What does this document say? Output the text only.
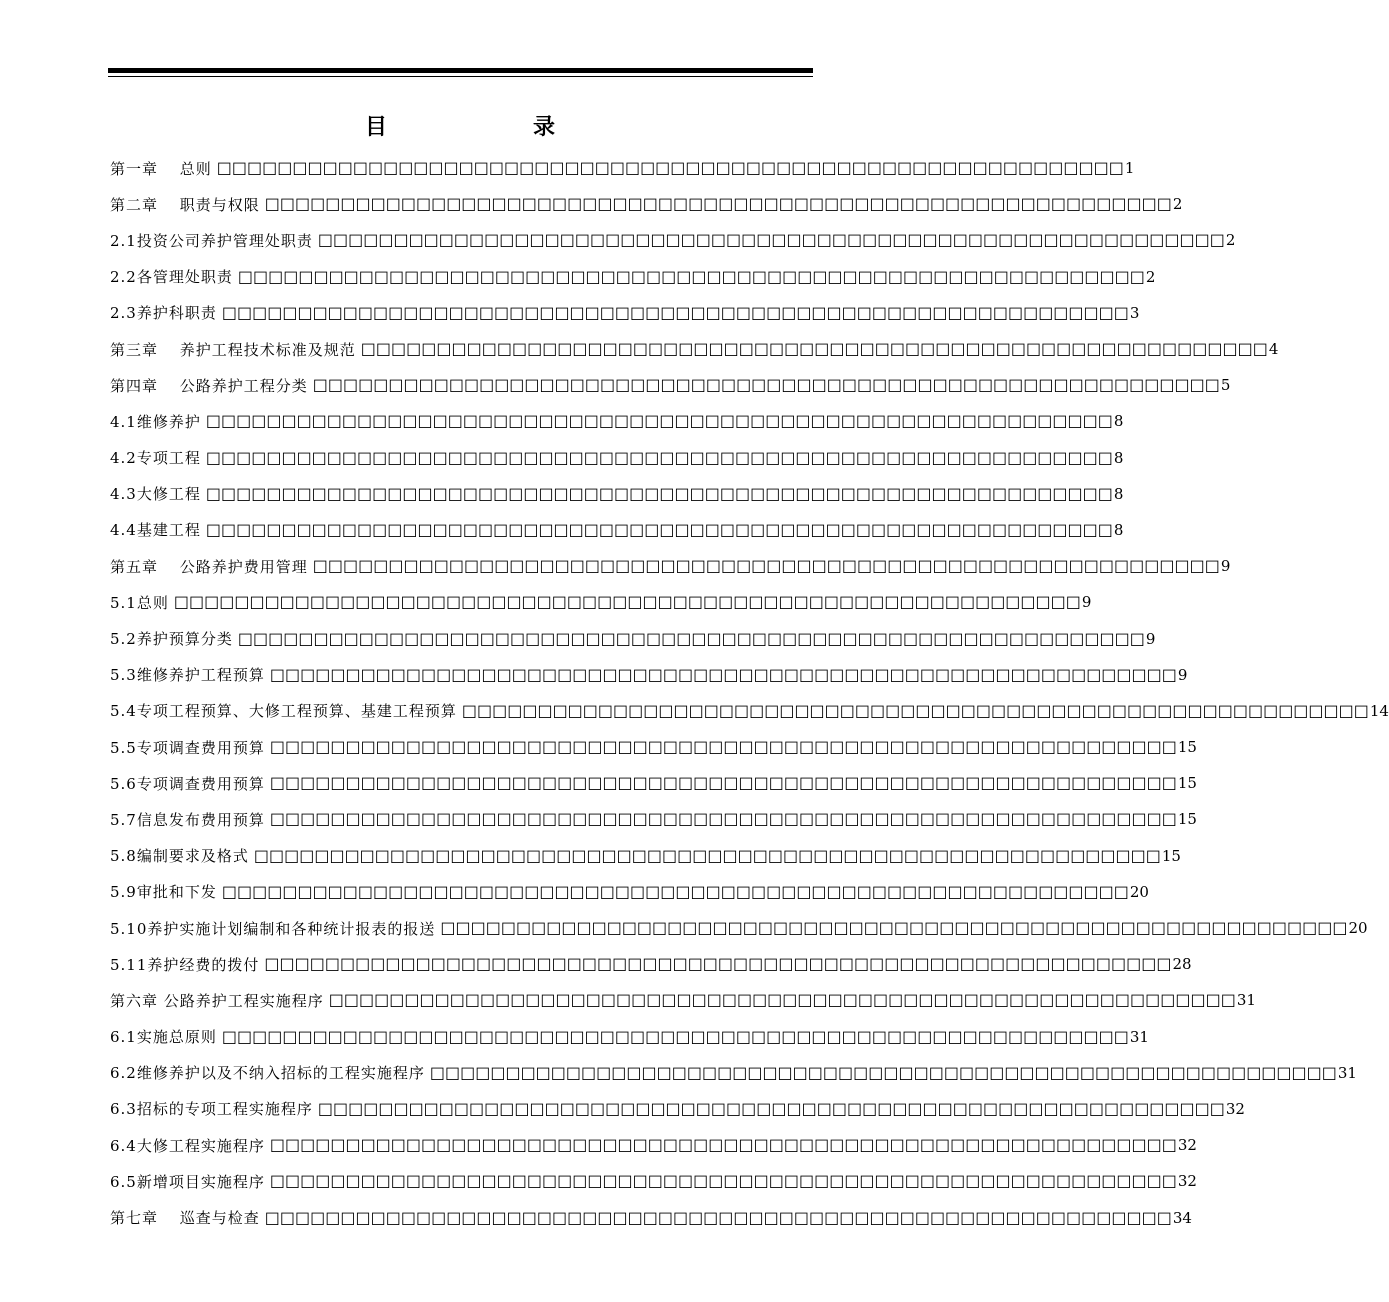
目　　录
第一章　 总则 □□□□□□□□□□□□□□□□□□□□□□□□□□□□□□□□□□□□□□□□□□□□□□□□□□□□□□□□□□□□ 1
第二章　 职责与权限 □□□□□□□□□□□□□□□□□□□□□□□□□□□□□□□□□□□□□□□□□□□□□□□□□□□□□□□□□□□□ 2
2.1投资公司养护管理处职责 □□□□□□□□□□□□□□□□□□□□□□□□□□□□□□□□□□□□□□□□□□□□□□□□□□□□□□□□□□□□ 2
2.2各管理处职责 □□□□□□□□□□□□□□□□□□□□□□□□□□□□□□□□□□□□□□□□□□□□□□□□□□□□□□□□□□□□ 2
2.3养护科职责 □□□□□□□□□□□□□□□□□□□□□□□□□□□□□□□□□□□□□□□□□□□□□□□□□□□□□□□□□□□□ 3
第三章　 养护工程技术标准及规范 □□□□□□□□□□□□□□□□□□□□□□□□□□□□□□□□□□□□□□□□□□□□□□□□□□□□□□□□□□□□ 4
第四章　 公路养护工程分类 □□□□□□□□□□□□□□□□□□□□□□□□□□□□□□□□□□□□□□□□□□□□□□□□□□□□□□□□□□□□ 5
4.1维修养护 □□□□□□□□□□□□□□□□□□□□□□□□□□□□□□□□□□□□□□□□□□□□□□□□□□□□□□□□□□□□ 8
4.2专项工程 □□□□□□□□□□□□□□□□□□□□□□□□□□□□□□□□□□□□□□□□□□□□□□□□□□□□□□□□□□□□ 8
4.3大修工程 □□□□□□□□□□□□□□□□□□□□□□□□□□□□□□□□□□□□□□□□□□□□□□□□□□□□□□□□□□□□ 8
4.4基建工程 □□□□□□□□□□□□□□□□□□□□□□□□□□□□□□□□□□□□□□□□□□□□□□□□□□□□□□□□□□□□ 8
第五章　 公路养护费用管理 □□□□□□□□□□□□□□□□□□□□□□□□□□□□□□□□□□□□□□□□□□□□□□□□□□□□□□□□□□□□ 9
5.1总则 □□□□□□□□□□□□□□□□□□□□□□□□□□□□□□□□□□□□□□□□□□□□□□□□□□□□□□□□□□□□ 9
5.2养护预算分类 □□□□□□□□□□□□□□□□□□□□□□□□□□□□□□□□□□□□□□□□□□□□□□□□□□□□□□□□□□□□ 9
5.3维修养护工程预算 □□□□□□□□□□□□□□□□□□□□□□□□□□□□□□□□□□□□□□□□□□□□□□□□□□□□□□□□□□□□ 9
5.4专项工程预算、大修工程预算、基建工程预算 □□□□□□□□□□□□□□□□□□□□□□□□□□□□□□□□□□□□□□□□□□□□□□□□□□□□□□□□□□□□ 14
5.5专项调查费用预算 □□□□□□□□□□□□□□□□□□□□□□□□□□□□□□□□□□□□□□□□□□□□□□□□□□□□□□□□□□□□ 15
5.6专项调查费用预算 □□□□□□□□□□□□□□□□□□□□□□□□□□□□□□□□□□□□□□□□□□□□□□□□□□□□□□□□□□□□ 15
5.7信息发布费用预算 □□□□□□□□□□□□□□□□□□□□□□□□□□□□□□□□□□□□□□□□□□□□□□□□□□□□□□□□□□□□ 15
5.8编制要求及格式 □□□□□□□□□□□□□□□□□□□□□□□□□□□□□□□□□□□□□□□□□□□□□□□□□□□□□□□□□□□□ 15
5.9审批和下发 □□□□□□□□□□□□□□□□□□□□□□□□□□□□□□□□□□□□□□□□□□□□□□□□□□□□□□□□□□□□ 20
5.10养护实施计划编制和各种统计报表的报送 □□□□□□□□□□□□□□□□□□□□□□□□□□□□□□□□□□□□□□□□□□□□□□□□□□□□□□□□□□□□ 20
5.11养护经费的拨付 □□□□□□□□□□□□□□□□□□□□□□□□□□□□□□□□□□□□□□□□□□□□□□□□□□□□□□□□□□□□ 28
第六章 公路养护工程实施程序 □□□□□□□□□□□□□□□□□□□□□□□□□□□□□□□□□□□□□□□□□□□□□□□□□□□□□□□□□□□□ 31
6.1实施总原则 □□□□□□□□□□□□□□□□□□□□□□□□□□□□□□□□□□□□□□□□□□□□□□□□□□□□□□□□□□□□ 31
6.2维修养护以及不纳入招标的工程实施程序 □□□□□□□□□□□□□□□□□□□□□□□□□□□□□□□□□□□□□□□□□□□□□□□□□□□□□□□□□□□□ 31
6.3招标的专项工程实施程序 □□□□□□□□□□□□□□□□□□□□□□□□□□□□□□□□□□□□□□□□□□□□□□□□□□□□□□□□□□□□ 32
6.4大修工程实施程序 □□□□□□□□□□□□□□□□□□□□□□□□□□□□□□□□□□□□□□□□□□□□□□□□□□□□□□□□□□□□ 32
6.5新增项目实施程序 □□□□□□□□□□□□□□□□□□□□□□□□□□□□□□□□□□□□□□□□□□□□□□□□□□□□□□□□□□□□ 32
第七章　 巡查与检查 □□□□□□□□□□□□□□□□□□□□□□□□□□□□□□□□□□□□□□□□□□□□□□□□□□□□□□□□□□□□ 34
